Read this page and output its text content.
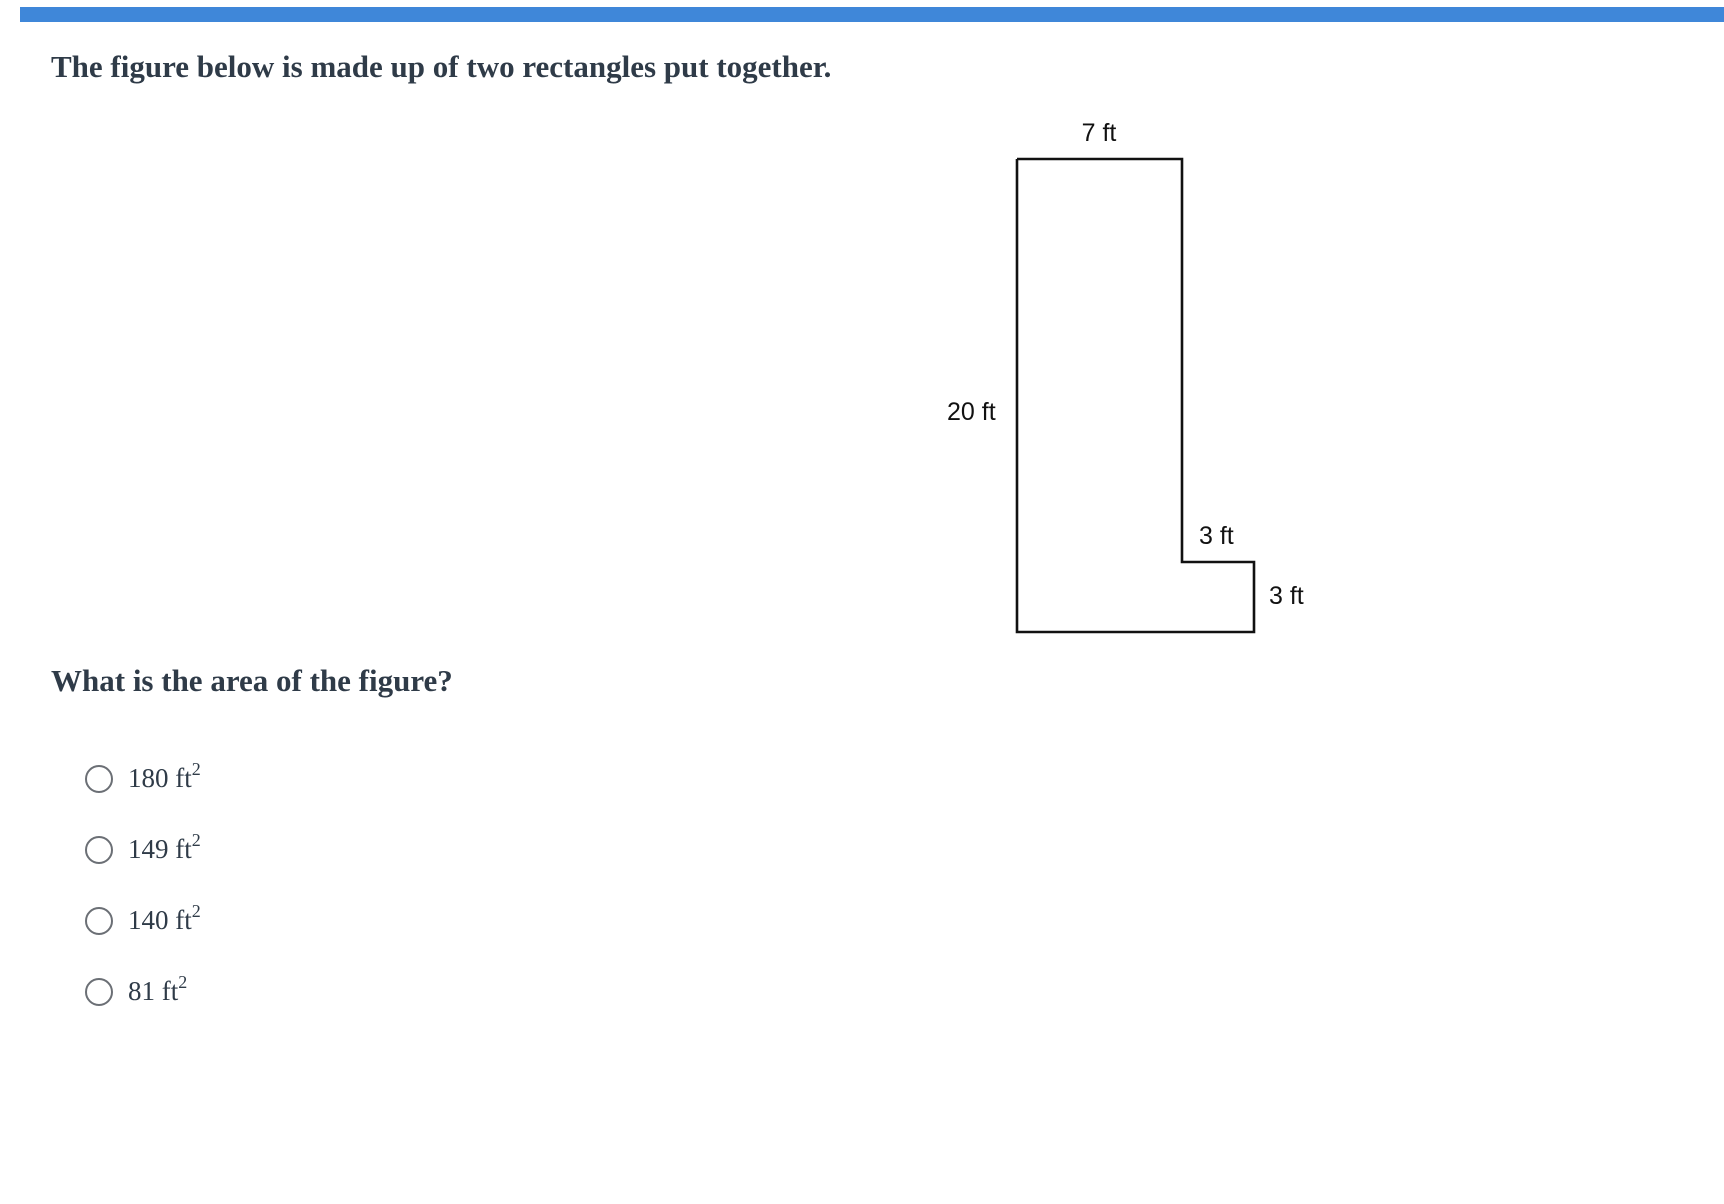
The figure below is made up of two rectangles put together.
7 ft
20 ft
3 ft
3 ft
What is the area of the figure?
180 $ft^2$
149 $ft^2$
140 $ft^2$
81 $ft^2$
